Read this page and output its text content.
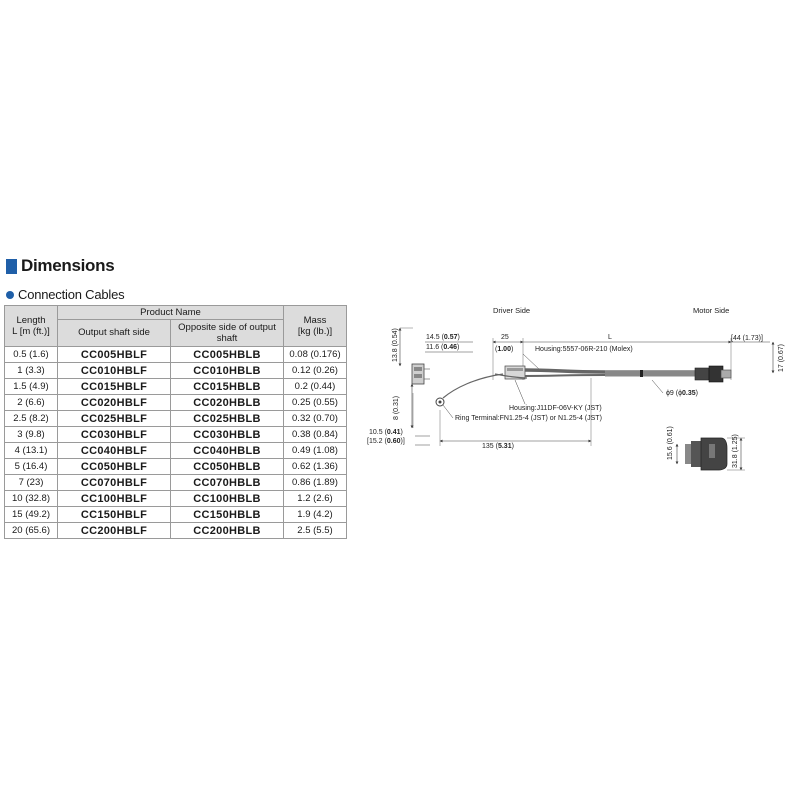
Dimensions
Connection Cables
Length
L [m (ft.)]	Product Name		Mass
[kg (lb.)]
	Output shaft side	Opposite side of output shaft	
0.5 (1.6)	CC005HBLF	CC005HBLB	0.08 (0.176)
1 (3.3)	CC010HBLF	CC010HBLB	0.12 (0.26)
1.5 (4.9)	CC015HBLF	CC015HBLB	0.2 (0.44)
2 (6.6)	CC020HBLF	CC020HBLB	0.25 (0.55)
2.5 (8.2)	CC025HBLF	CC025HBLB	0.32 (0.70)
3 (9.8)	CC030HBLF	CC030HBLB	0.38 (0.84)
4 (13.1)	CC040HBLF	CC040HBLB	0.49 (1.08)
5 (16.4)	CC050HBLF	CC050HBLB	0.62 (1.36)
7 (23)	CC070HBLF	CC070HBLB	0.86 (1.89)
10 (32.8)	CC100HBLF	CC100HBLB	1.2 (2.6)
15 (49.2)	CC150HBLF	CC150HBLB	1.9 (4.2)
20 (65.6)	CC200HBLF	CC200HBLB	2.5 (5.5)
Driver Side	Motor Side
13.8 (0.54)
8 (0.31)
10.5 (0.41)
[15.2 (0.60)]
14.5 (0.57)
11.6 (0.46)
25
(1.00)
L	[44 (1.73)]
17 (0.67)
Housing:5557-06R-210 (Molex)
ϕ9 (ϕ0.35)
135 (5.31)
Housing:J11DF-06V-KY (JST)
Ring Terminal:FN1.25-4 (JST) or N1.25-4 (JST)
15.6 (0.61)	31.8 (1.25)
